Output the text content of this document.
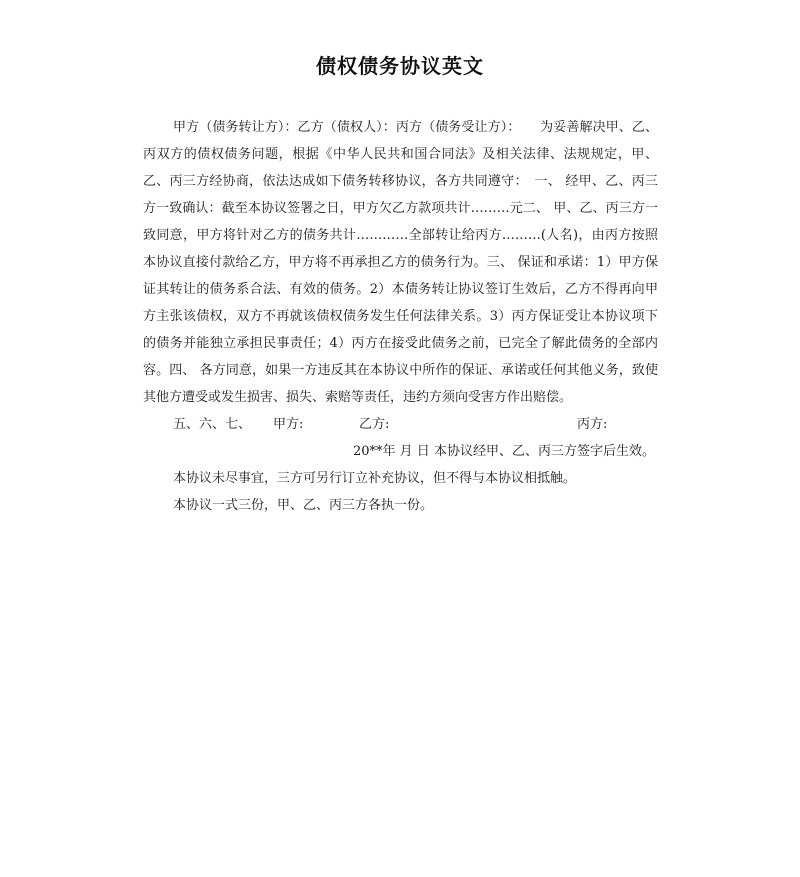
债权债务协议英文

甲方（债务转让方）：乙方（债权人）：丙方（债务受让方）：　　为妥善解决甲、乙、丙双方的债权债务问题，根据《中华人民共和国合同法》及相关法律、法规规定，甲、乙、丙三方经协商，依法达成如下债务转移协议，各方共同遵守：　一、 经甲、乙、丙三方一致确认：截至本协议签署之日，甲方欠乙方款项共计………元二、 甲、乙、丙三方一致同意，甲方将针对乙方的债务共计…………全部转让给丙方………(人名)，由丙方按照本协议直接付款给乙方，甲方将不再承担乙方的债务行为。三、 保证和承诺：1）甲方保证其转让的债务系合法、有效的债务。2）本债务转让协议签订生效后，乙方不得再向甲方主张该债权，双方不再就该债权债务发生任何法律关系。3）丙方保证受让本协议项下的债务并能独立承担民事责任；4）丙方在接受此债务之前，已完全了解此债务的全部内容。四、 各方同意，如果一方违反其在本协议中所作的保证、承诺或任何其他义务，致使其他方遭受或发生损害、损失、索赔等责任，违约方须向受害方作出赔偿。

五、六、七、 甲方:	乙方:	丙方:

20**年 月 日 本协议经甲、乙、丙三方签字后生效。

本协议未尽事宜，三方可另行订立补充协议，但不得与本协议相抵触。

本协议一式三份，甲、乙、丙三方各执一份。
